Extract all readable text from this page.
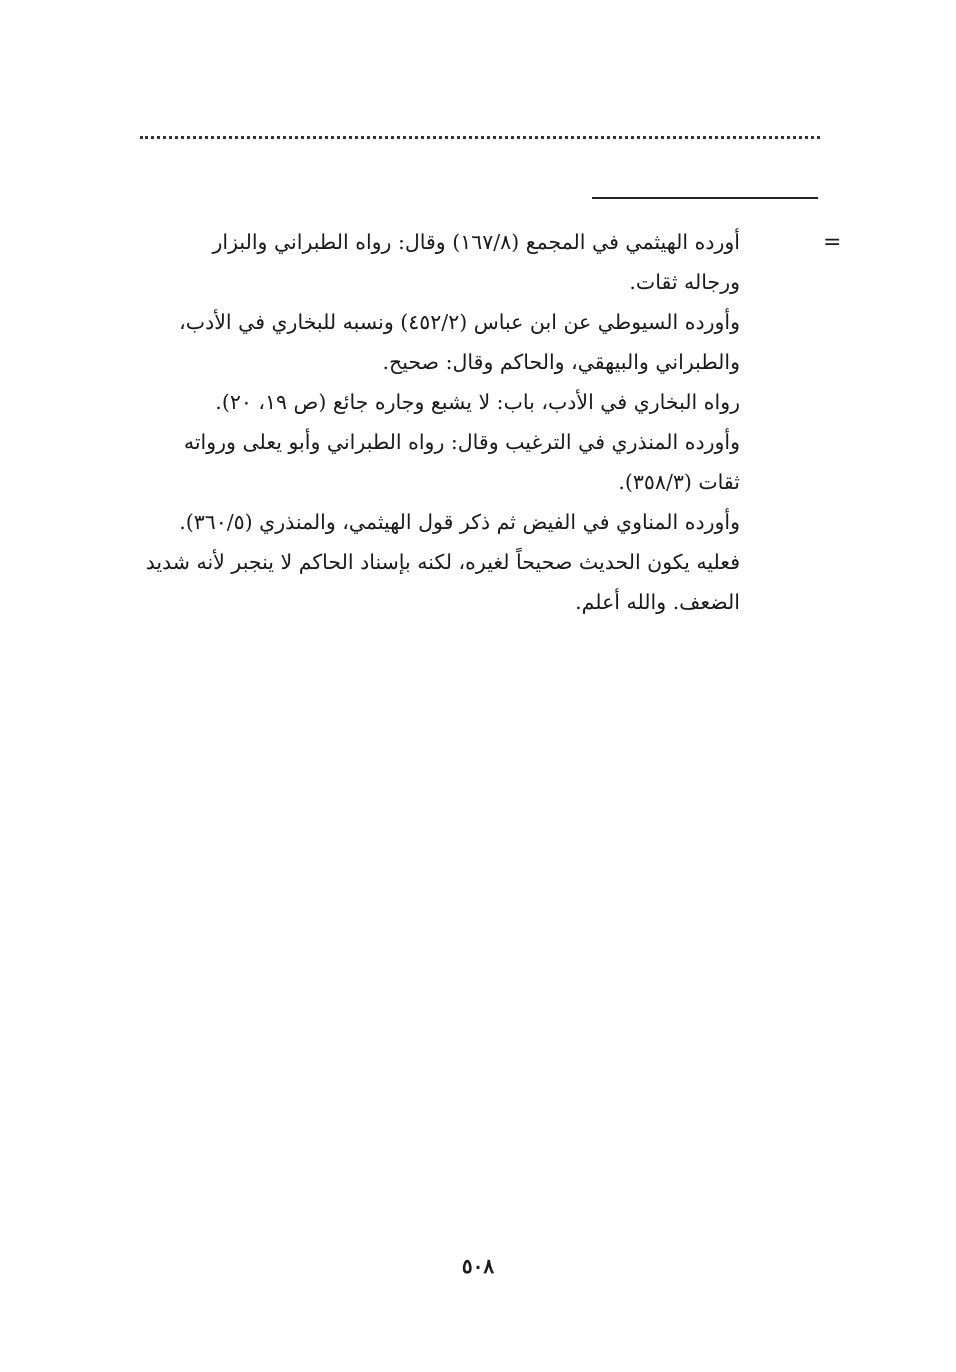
=

أورده الهيثمي في المجمع (١٦٧/٨) وقال: رواه الطبراني والبزار

ورجاله ثقات.

وأورده السيوطي عن ابن عباس (٤٥٢/٢) ونسبه للبخاري في الأدب،

والطبراني والبيهقي، والحاكم وقال: صحيح.

رواه البخاري في الأدب، باب: لا يشبع وجاره جائع (ص ١٩، ٢٠).

وأورده المنذري في الترغيب وقال: رواه الطبراني وأبو يعلى ورواته

ثقات (٣٥٨/٣).

وأورده المناوي في الفيض ثم ذكر قول الهيثمي، والمنذري (٣٦٠/٥).

فعليه يكون الحديث صحيحاً لغيره، لكنه بإسناد الحاكم لا ينجبر لأنه شديد

الضعف. والله أعلم.

٥٠٨
